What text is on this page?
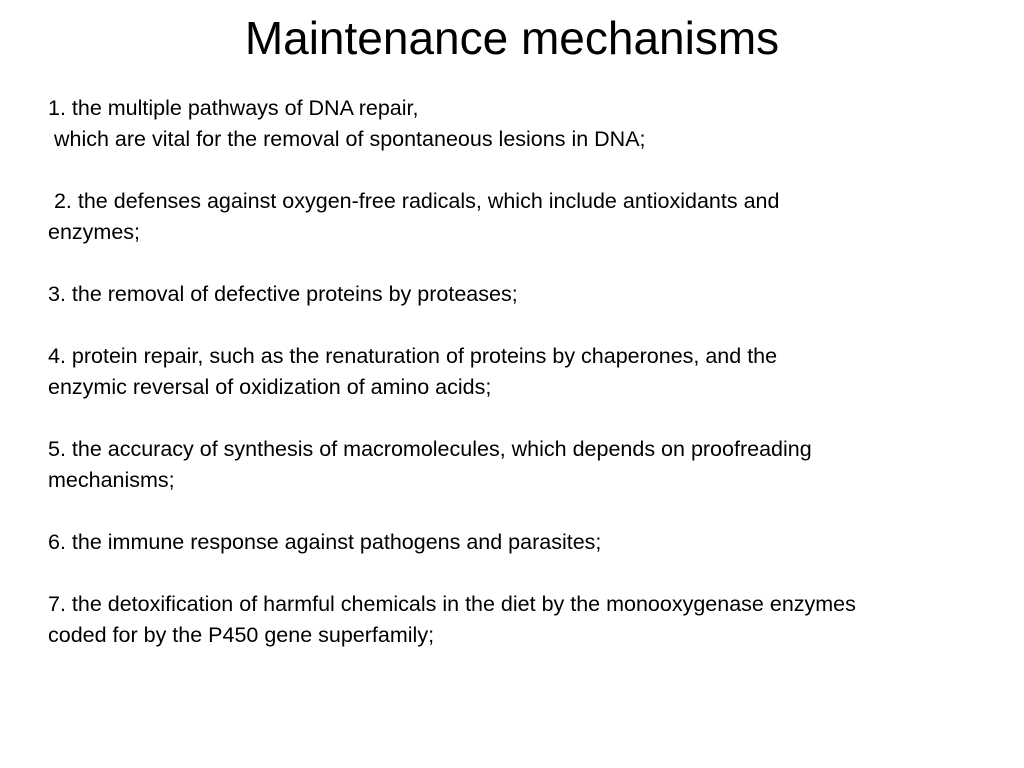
Maintenance mechanisms

1. the multiple pathways of DNA repair,
which are vital for the removal of spontaneous lesions in DNA;

2. the defenses against oxygen-free radicals, which include antioxidants and
enzymes;

3. the removal of defective proteins by proteases;

4. protein repair, such as the renaturation of proteins by chaperones, and the
enzymic reversal of oxidization of amino acids;

5. the accuracy of synthesis of macromolecules, which depends on proofreading
mechanisms;

6. the immune response against pathogens and parasites;

7. the detoxification of harmful chemicals in the diet by the monooxygenase enzymes
coded for by the P450 gene superfamily;
